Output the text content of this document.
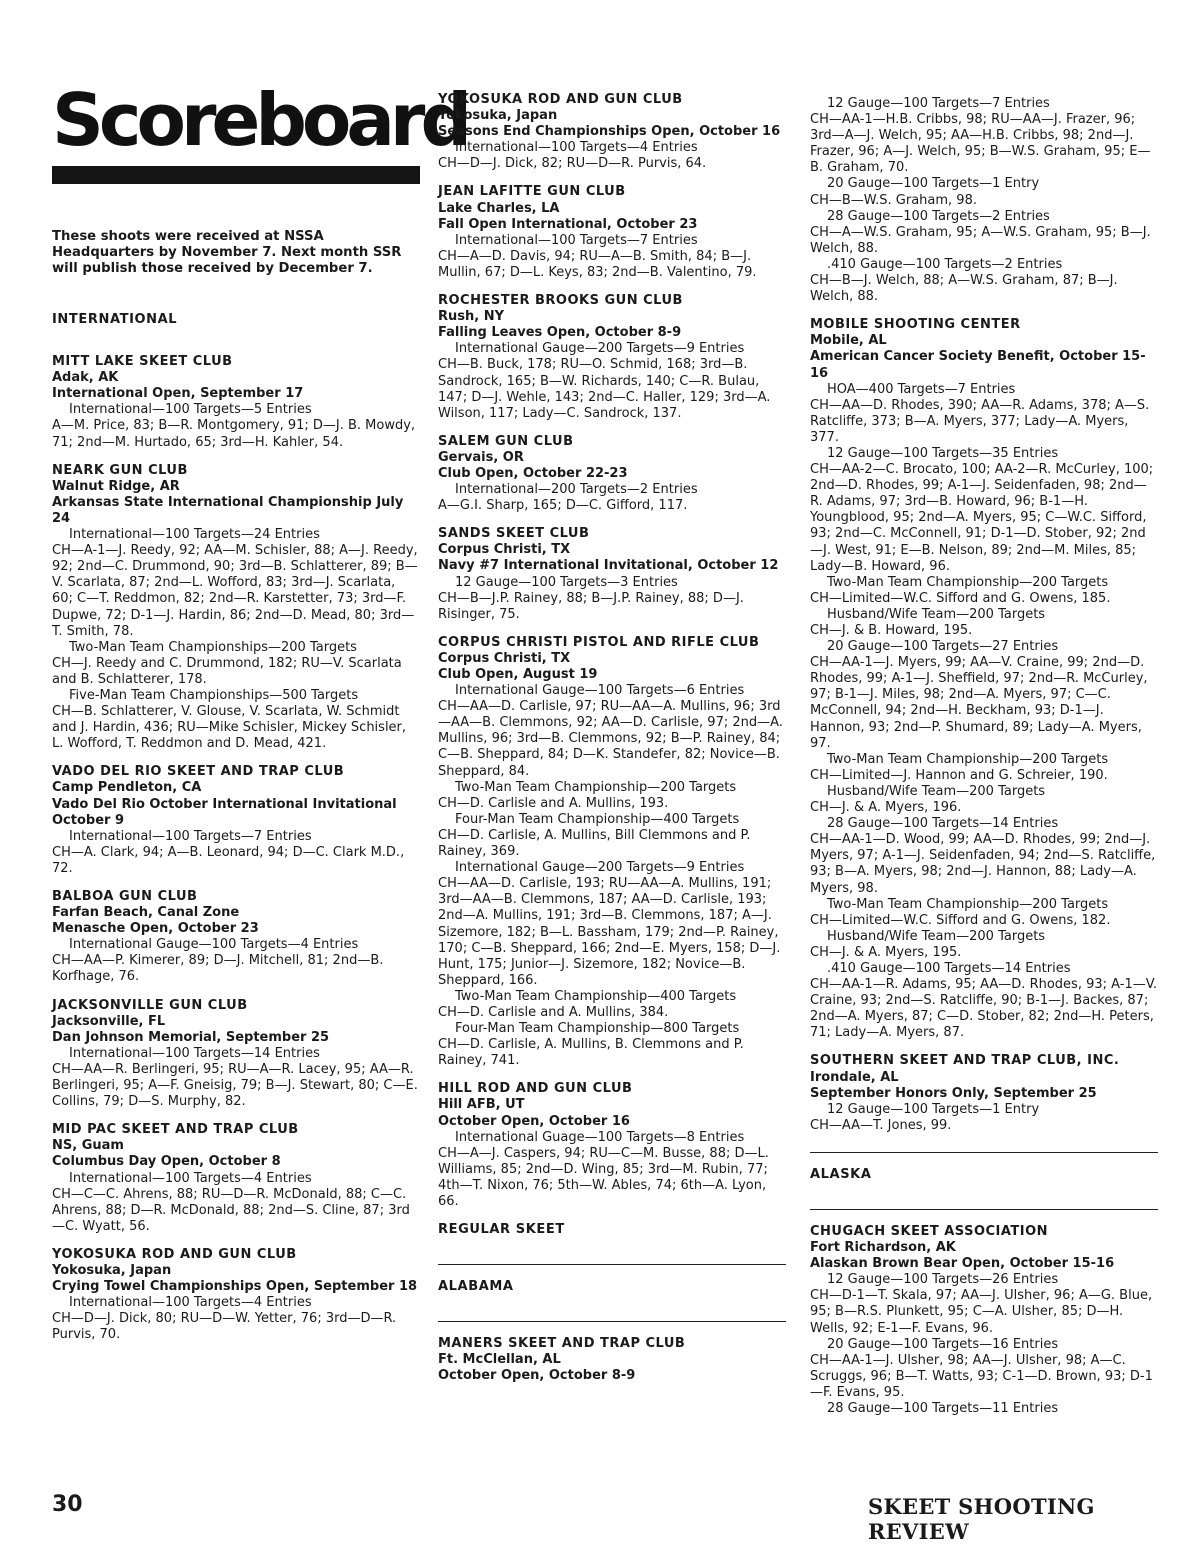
Scoreboard
These shoots were received at NSSA Headquarters by November 7. Next month SSR will publish those received by December 7.
INTERNATIONAL
MITT LAKE SKEET CLUB
Adak, AK
International Open, September 17
International—100 Targets—5 Entries
A—M. Price, 83; B—R. Montgomery, 91; D—J. B. Mowdy, 71; 2nd—M. Hurtado, 65; 3rd—H. Kahler, 54.
NEARK GUN CLUB
Walnut Ridge, AR
Arkansas State International Championship July 24
International—100 Targets—24 Entries
CH—A-1—J. Reedy, 92; AA—M. Schisler, 88; A—J. Reedy, 92; 2nd—C. Drummond, 90; 3rd—B. Schlatterer, 89; B—V. Scarlata, 87; 2nd—L. Wofford, 83; 3rd—J. Scarlata, 60; C—T. Reddmon, 82; 2nd—R. Karstetter, 73; 3rd—F. Dupwe, 72; D-1—J. Hardin, 86; 2nd—D. Mead, 80; 3rd—T. Smith, 78.
Two-Man Team Championships—200 Targets
CH—J. Reedy and C. Drummond, 182; RU—V. Scarlata and B. Schlatterer, 178.
Five-Man Team Championships—500 Targets
CH—B. Schlatterer, V. Glouse, V. Scarlata, W. Schmidt and J. Hardin, 436; RU—Mike Schisler, Mickey Schisler, L. Wofford, T. Reddmon and D. Mead, 421.
VADO DEL RIO SKEET AND TRAP CLUB
Camp Pendleton, CA
Vado Del Rio October International Invitational October 9
International—100 Targets—7 Entries
CH—A. Clark, 94; A—B. Leonard, 94; D—C. Clark M.D., 72.
BALBOA GUN CLUB
Farfan Beach, Canal Zone
Menasche Open, October 23
International Gauge—100 Targets—4 Entries
CH—AA—P. Kimerer, 89; D—J. Mitchell, 81; 2nd—B. Korfhage, 76.
JACKSONVILLE GUN CLUB
Jacksonville, FL
Dan Johnson Memorial, September 25
International—100 Targets—14 Entries
CH—AA—R. Berlingeri, 95; RU—A—R. Lacey, 95; AA—R. Berlingeri, 95; A—F. Gneisig, 79; B—J. Stewart, 80; C—E. Collins, 79; D—S. Murphy, 82.
MID PAC SKEET AND TRAP CLUB
NS, Guam
Columbus Day Open, October 8
International—100 Targets—4 Entries
CH—C—C. Ahrens, 88; RU—D—R. McDonald, 88; C—C. Ahrens, 88; D—R. McDonald, 88; 2nd—S. Cline, 87; 3rd—C. Wyatt, 56.
YOKOSUKA ROD AND GUN CLUB
Yokosuka, Japan
Crying Towel Championships Open, September 18
International—100 Targets—4 Entries
CH—D—J. Dick, 80; RU—D—W. Yetter, 76; 3rd—D—R. Purvis, 70.
YOKOSUKA ROD AND GUN CLUB
Yokosuka, Japan
Seasons End Championships Open, October 16
International—100 Targets—4 Entries
CH—D—J. Dick, 82; RU—D—R. Purvis, 64.
JEAN LAFITTE GUN CLUB
Lake Charles, LA
Fall Open International, October 23
International—100 Targets—7 Entries
CH—A—D. Davis, 94; RU—A—B. Smith, 84; B—J. Mullin, 67; D—L. Keys, 83; 2nd—B. Valentino, 79.
ROCHESTER BROOKS GUN CLUB
Rush, NY
Falling Leaves Open, October 8-9
International Gauge—200 Targets—9 Entries
CH—B. Buck, 178; RU—O. Schmid, 168; 3rd—B. Sandrock, 165; B—W. Richards, 140; C—R. Bulau, 147; D—J. Wehle, 143; 2nd—C. Haller, 129; 3rd—A. Wilson, 117; Lady—C. Sandrock, 137.
SALEM GUN CLUB
Gervais, OR
Club Open, October 22-23
International—200 Targets—2 Entries
A—G.I. Sharp, 165; D—C. Gifford, 117.
SANDS SKEET CLUB
Corpus Christi, TX
Navy #7 International Invitational, October 12
12 Gauge—100 Targets—3 Entries
CH—B—J.P. Rainey, 88; B—J.P. Rainey, 88; D—J. Risinger, 75.
CORPUS CHRISTI PISTOL AND RIFLE CLUB
Corpus Christi, TX
Club Open, August 19
International Gauge—100 Targets—6 Entries
CH—AA—D. Carlisle, 97; RU—AA—A. Mullins, 96; 3rd—AA—B. Clemmons, 92; AA—D. Carlisle, 97; 2nd—A. Mullins, 96; 3rd—B. Clemmons, 92; B—P. Rainey, 84; C—B. Sheppard, 84; D—K. Standefer, 82; Novice—B. Sheppard, 84.
Two-Man Team Championship—200 Targets
CH—D. Carlisle and A. Mullins, 193.
Four-Man Team Championship—400 Targets
CH—D. Carlisle, A. Mullins, Bill Clemmons and P. Rainey, 369.
International Gauge—200 Targets—9 Entries
CH—AA—D. Carlisle, 193; RU—AA—A. Mullins, 191; 3rd—AA—B. Clemmons, 187; AA—D. Carlisle, 193; 2nd—A. Mullins, 191; 3rd—B. Clemmons, 187; A—J. Sizemore, 182; B—L. Bassham, 179; 2nd—P. Rainey, 170; C—B. Sheppard, 166; 2nd—E. Myers, 158; D—J. Hunt, 175; Junior—J. Sizemore, 182; Novice—B. Sheppard, 166.
Two-Man Team Championship—400 Targets
CH—D. Carlisle and A. Mullins, 384.
Four-Man Team Championship—800 Targets
CH—D. Carlisle, A. Mullins, B. Clemmons and P. Rainey, 741.
HILL ROD AND GUN CLUB
Hill AFB, UT
October Open, October 16
International Guage—100 Targets—8 Entries
CH—A—J. Caspers, 94; RU—C—M. Busse, 88; D—L. Williams, 85; 2nd—D. Wing, 85; 3rd—M. Rubin, 77; 4th—T. Nixon, 76; 5th—W. Ables, 74; 6th—A. Lyon, 66.
REGULAR SKEET
ALABAMA
MANERS SKEET AND TRAP CLUB
Ft. McClellan, AL
October Open, October 8-9
12 Gauge—100 Targets—7 Entries
CH—AA-1—H.B. Cribbs, 98; RU—AA—J. Frazer, 96; 3rd—A—J. Welch, 95; AA—H.B. Cribbs, 98; 2nd—J. Frazer, 96; A—J. Welch, 95; B—W.S. Graham, 95; E—B. Graham, 70.
20 Gauge—100 Targets—1 Entry
CH—B—W.S. Graham, 98.
28 Gauge—100 Targets—2 Entries
CH—A—W.S. Graham, 95; A—W.S. Graham, 95; B—J. Welch, 88.
.410 Gauge—100 Targets—2 Entries
CH—B—J. Welch, 88; A—W.S. Graham, 87; B—J. Welch, 88.
MOBILE SHOOTING CENTER
Mobile, AL
American Cancer Society Benefit, October 15-16
HOA—400 Targets—7 Entries
CH—AA—D. Rhodes, 390; AA—R. Adams, 378; A—S. Ratcliffe, 373; B—A. Myers, 377; Lady—A. Myers, 377.
12 Gauge—100 Targets—35 Entries
CH—AA-2—C. Brocato, 100; AA-2—R. McCurley, 100; 2nd—D. Rhodes, 99; A-1—J. Seidenfaden, 98; 2nd—R. Adams, 97; 3rd—B. Howard, 96; B-1—H. Youngblood, 95; 2nd—A. Myers, 95; C—W.C. Sifford, 93; 2nd—C. McConnell, 91; D-1—D. Stober, 92; 2nd—J. West, 91; E—B. Nelson, 89; 2nd—M. Miles, 85; Lady—B. Howard, 96.
Two-Man Team Championship—200 Targets
CH—Limited—W.C. Sifford and G. Owens, 185.
Husband/Wife Team—200 Targets
CH—J. & B. Howard, 195.
20 Gauge—100 Targets—27 Entries
CH—AA-1—J. Myers, 99; AA—V. Craine, 99; 2nd—D. Rhodes, 99; A-1—J. Sheffield, 97; 2nd—R. McCurley, 97; B-1—J. Miles, 98; 2nd—A. Myers, 97; C—C. McConnell, 94; 2nd—H. Beckham, 93; D-1—J. Hannon, 93; 2nd—P. Shumard, 89; Lady—A. Myers, 97.
Two-Man Team Championship—200 Targets
CH—Limited—J. Hannon and G. Schreier, 190.
Husband/Wife Team—200 Targets
CH—J. & A. Myers, 196.
28 Gauge—100 Targets—14 Entries
CH—AA-1—D. Wood, 99; AA—D. Rhodes, 99; 2nd—J. Myers, 97; A-1—J. Seidenfaden, 94; 2nd—S. Ratcliffe, 93; B—A. Myers, 98; 2nd—J. Hannon, 88; Lady—A. Myers, 98.
Two-Man Team Championship—200 Targets
CH—Limited—W.C. Sifford and G. Owens, 182.
Husband/Wife Team—200 Targets
CH—J. & A. Myers, 195.
.410 Gauge—100 Targets—14 Entries
CH—AA-1—R. Adams, 95; AA—D. Rhodes, 93; A-1—V. Craine, 93; 2nd—S. Ratcliffe, 90; B-1—J. Backes, 87; 2nd—A. Myers, 87; C—D. Stober, 82; 2nd—H. Peters, 71; Lady—A. Myers, 87.
SOUTHERN SKEET AND TRAP CLUB, INC.
Irondale, AL
September Honors Only, September 25
12 Gauge—100 Targets—1 Entry
CH—AA—T. Jones, 99.
ALASKA
CHUGACH SKEET ASSOCIATION
Fort Richardson, AK
Alaskan Brown Bear Open, October 15-16
12 Gauge—100 Targets—26 Entries
CH—D-1—T. Skala, 97; AA—J. Ulsher, 96; A—G. Blue, 95; B—R.S. Plunkett, 95; C—A. Ulsher, 85; D—H. Wells, 92; E-1—F. Evans, 96.
20 Gauge—100 Targets—16 Entries
CH—AA-1—J. Ulsher, 98; AA—J. Ulsher, 98; A—C. Scruggs, 96; B—T. Watts, 93; C-1—D. Brown, 93; D-1—F. Evans, 95.
28 Gauge—100 Targets—11 Entries
30	SKEET SHOOTING REVIEW
